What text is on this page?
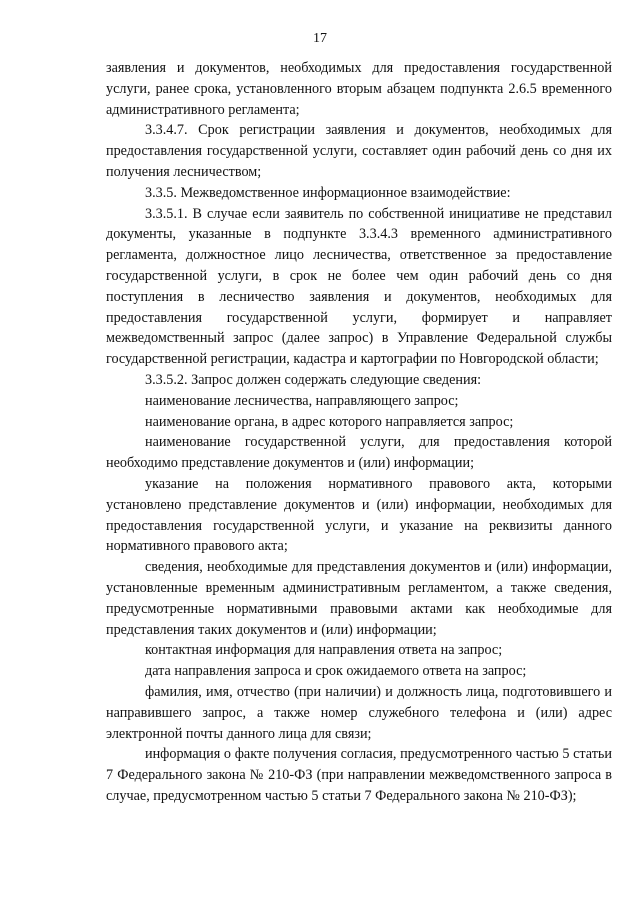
17

заявления и документов, необходимых для предоставления государственной услуги, ранее срока, установленного вторым абзацем подпункта 2.6.5 временного административного регламента;

3.3.4.7. Срок регистрации заявления и документов, необходимых для предоставления государственной услуги, составляет один рабочий день со дня их получения лесничеством;

3.3.5. Межведомственное информационное взаимодействие:

3.3.5.1. В случае если заявитель по собственной инициативе не представил документы, указанные в подпункте 3.3.4.3 временного административного регламента, должностное лицо лесничества, ответственное за предоставление государственной услуги, в срок не более чем один рабочий день со дня поступления в лесничество заявления и документов, необходимых для предоставления государственной услуги, формирует и направляет межведомственный запрос (далее запрос) в Управление Федеральной службы государственной регистрации, кадастра и картографии по Новгородской области;

3.3.5.2. Запрос должен содержать следующие сведения:

наименование лесничества, направляющего запрос;

наименование органа, в адрес которого направляется запрос;

наименование государственной услуги, для предоставления которой необходимо представление документов и (или) информации;

указание на положения нормативного правового акта, которыми установлено представление документов и (или) информации, необходимых для предоставления государственной услуги, и указание на реквизиты данного нормативного правового акта;

сведения, необходимые для представления документов и (или) информации, установленные временным административным регламентом, а также сведения, предусмотренные нормативными правовыми актами как необходимые для представления таких документов и (или) информации;

контактная информация для направления ответа на запрос;

дата направления запроса и срок ожидаемого ответа на запрос;

фамилия, имя, отчество (при наличии) и должность лица, подготовившего и направившего запрос, а также номер служебного телефона и (или) адрес электронной почты данного лица для связи;

информация о факте получения согласия, предусмотренного частью 5 статьи 7 Федерального закона № 210-ФЗ (при направлении межведомственного запроса в случае, предусмотренном частью 5 статьи 7 Федерального закона № 210-ФЗ);
